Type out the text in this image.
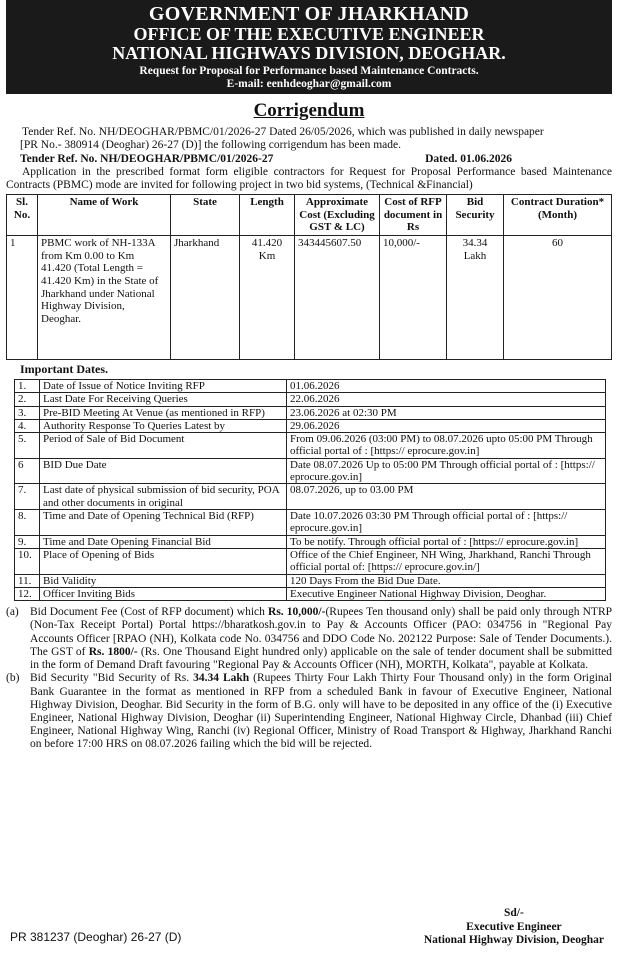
GOVERNMENT OF JHARKHAND
OFFICE OF THE EXECUTIVE ENGINEER
NATIONAL HIGHWAYS DIVISION, DEOGHAR.
Request for Proposal for Performance based Maintenance Contracts.
E-mail: eenhdeoghar@gmail.com
Corrigendum

Tender Ref. No. NH/DEOGHAR/PBMC/01/2026-27 Dated 26/05/2026, which was published in daily newspaper

[PR No.- 380914 (Deoghar) 26-27 (D)] the following corrigendum has been made.

Tender Ref. No. NH/DEOGHAR/PBMC/01/2026-27	Dated. 01.06.2026

Application in the prescribed format form eligible contractors for Request for Proposal Performance based Maintenance Contracts (PBMC) mode are invited for following project in two bid systems, (Technical &Financial)

Sl. No.	Name of Work	State	Length	Approximate Cost (Excluding GST & LC)	Cost of RFP document in Rs	Bid Security	Contract Duration* (Month)
1	PBMC work of NH-133A from Km 0.00 to Km 41.420 (Total Length = 41.420 Km) in the State of Jharkhand under National Highway Division, Deoghar.	Jharkhand	41.420 Km	343445607.50	10,000/-	34.34 Lakh	60
Important Dates.
1.	Date of Issue of Notice Inviting RFP	01.06.2026
2.	Last Date For Receiving Queries	22.06.2026
3.	Pre-BID Meeting At Venue (as mentioned in RFP)	23.06.2026 at 02:30 PM
4.	Authority Response To Queries Latest by	29.06.2026
5.	Period of Sale of Bid Document	From 09.06.2026 (03:00 PM) to 08.07.2026 upto 05:00 PM Through official portal of : [https:// eprocure.gov.in]
6	BID Due Date	Date 08.07.2026 Up to 05:00 PM Through official portal of : [https:// eprocure.gov.in]
7.	Last date of physical submission of bid security, POA and other documents in original	08.07.2026, up to 03.00 PM
8.	Time and Date of Opening Technical Bid (RFP)	Date 10.07.2026 03:30 PM Through official portal of : [https:// eprocure.gov.in]
9.	Time and Date Opening Financial Bid	To be notify. Through official portal of : [https:// eprocure.gov.in]
10.	Place of Opening of Bids	Office of the Chief Engineer, NH Wing, Jharkhand, Ranchi Through official portal of: [https:// eprocure.gov.in/]
11.	Bid Validity	120 Days From the Bid Due Date.
12.	Officer Inviting Bids	Executive Engineer National Highway Division, Deoghar.
(a) Bid Document Fee (Cost of RFP document) which Rs. 10,000/-(Rupees Ten thousand only) shall be paid only through NTRP (Non-Tax Receipt Portal) Portal https://bharatkosh.gov.in to Pay & Accounts Officer (PAO: 034756 in "Regional Pay Accounts Officer [RPAO (NH), Kolkata code No. 034756 and DDO Code No. 202122 Purpose: Sale of Tender Documents.). The GST of Rs. 1800/- (Rs. One Thousand Eight hundred only) applicable on the sale of tender document shall be submitted in the form of Demand Draft favouring "Regional Pay & Accounts Officer (NH), MORTH, Kolkata", payable at Kolkata.
(b) Bid Security "Bid Security of Rs. 34.34 Lakh (Rupees Thirty Four Lakh Thirty Four Thousand only) in the form Original Bank Guarantee in the format as mentioned in RFP from a scheduled Bank in favour of Executive Engineer, National Highway Division, Deoghar. Bid Security in the form of B.G. only will have to be deposited in any office of the (i) Executive Engineer, National Highway Division, Deoghar (ii) Superintending Engineer, National Highway Circle, Dhanbad (iii) Chief Engineer, National Highway Wing, Ranchi (iv) Regional Officer, Ministry of Road Transport & Highway, Jharkhand Ranchi on before 17:00 HRS on 08.07.2026 failing which the bid will be rejected.
PR 381237 (Deoghar) 26-27 (D)
Sd/-
Executive Engineer
National Highway Division, Deoghar
